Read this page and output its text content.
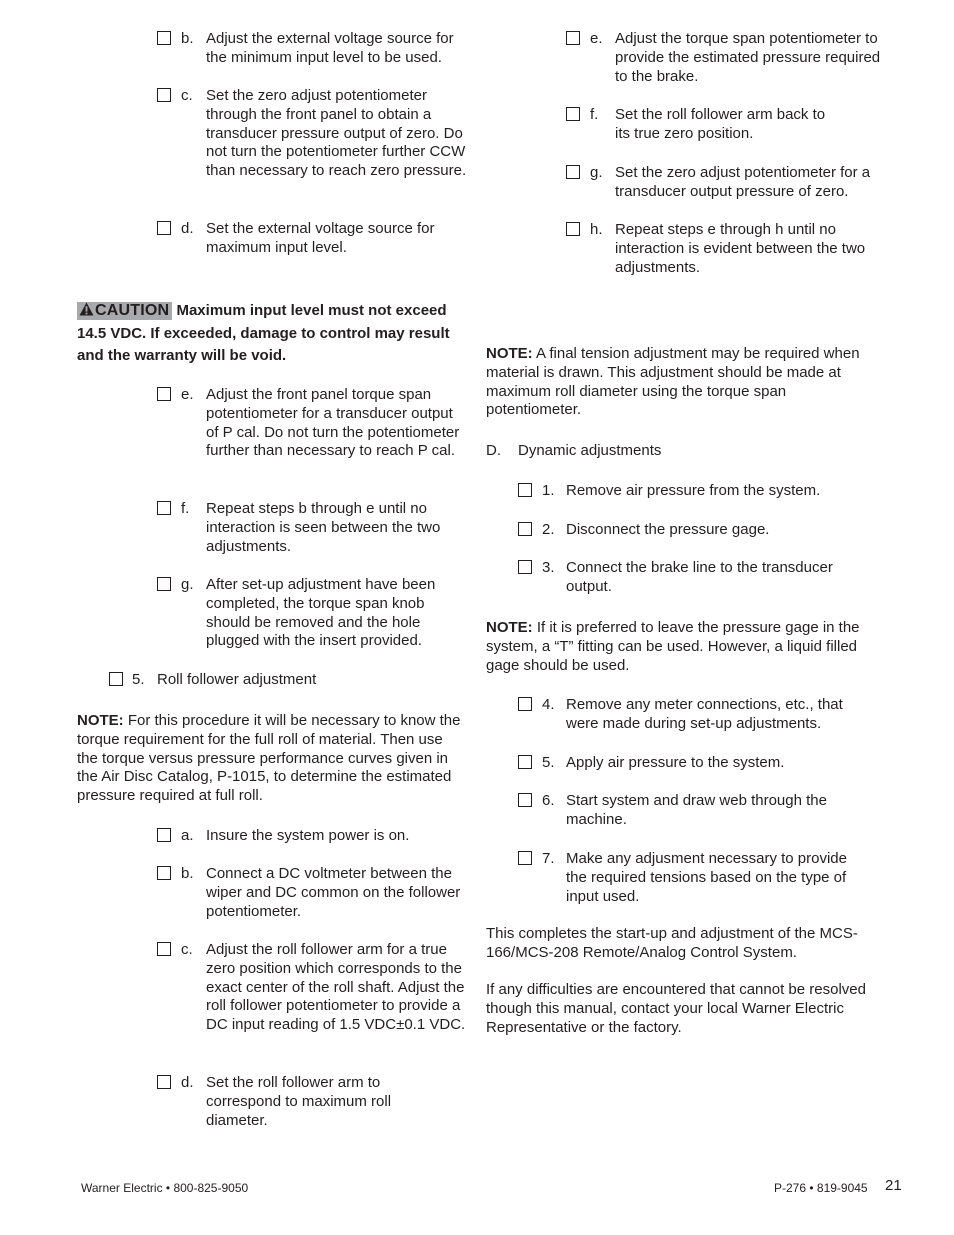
b. Adjust the external voltage source for the minimum input level to be used.
c. Set the zero adjust potentiometer through the front panel to obtain a transducer pressure output of zero. Do not turn the potentiometer further CCW than necessary to reach zero pressure.
d. Set the external voltage source for maximum input level.
CAUTION Maximum input level must not exceed 14.5 VDC. If exceeded, damage to control may result and the warranty will be void.
e. Adjust the front panel torque span potentiometer for a transducer output of P cal. Do not turn the potentiometer further than necessary to reach P cal.
f. Repeat steps b through e until no interaction is seen between the two adjustments.
g. After set-up adjustment have been completed, the torque span knob should be removed and the hole plugged with the insert provided.
5. Roll follower adjustment
NOTE: For this procedure it will be necessary to know the torque requirement for the full roll of material. Then use the torque versus pressure performance curves given in the Air Disc Catalog, P-1015, to determine the estimated pressure required at full roll.
a. Insure the system power is on.
b. Connect a DC voltmeter between the wiper and DC common on the follower potentiometer.
c. Adjust the roll follower arm for a true zero position which corresponds to the exact center of the roll shaft. Adjust the roll follower potentiometer to provide a DC input reading of 1.5 VDC±0.1 VDC.
d. Set the roll follower arm to correspond to maximum roll diameter.
e. Adjust the torque span potentiometer to provide the estimated pressure required to the brake.
f. Set the roll follower arm back to its true zero position.
g. Set the zero adjust potentiometer for a transducer output pressure of zero.
h. Repeat steps e through h until no interaction is evident between the two adjustments.
NOTE: A final tension adjustment may be required when material is drawn. This adjustment should be made at maximum roll diameter using the torque span potentiometer.
D. Dynamic adjustments
1. Remove air pressure from the system.
2. Disconnect the pressure gage.
3. Connect the brake line to the transducer output.
NOTE: If it is preferred to leave the pressure gage in the system, a “T” fitting can be used. However, a liquid filled gage should be used.
4. Remove any meter connections, etc., that were made during set-up adjustments.
5. Apply air pressure to the system.
6. Start system and draw web through the machine.
7. Make any adjusment necessary to provide the required tensions based on the type of input used.
This completes the start-up and adjustment of the MCS-166/MCS-208 Remote/Analog Control System.
If any difficulties are encountered that cannot be resolved though this manual, contact your local Warner Electric Representative or the factory.
Warner Electric • 800-825-9050	P-276 • 819-9045 21
